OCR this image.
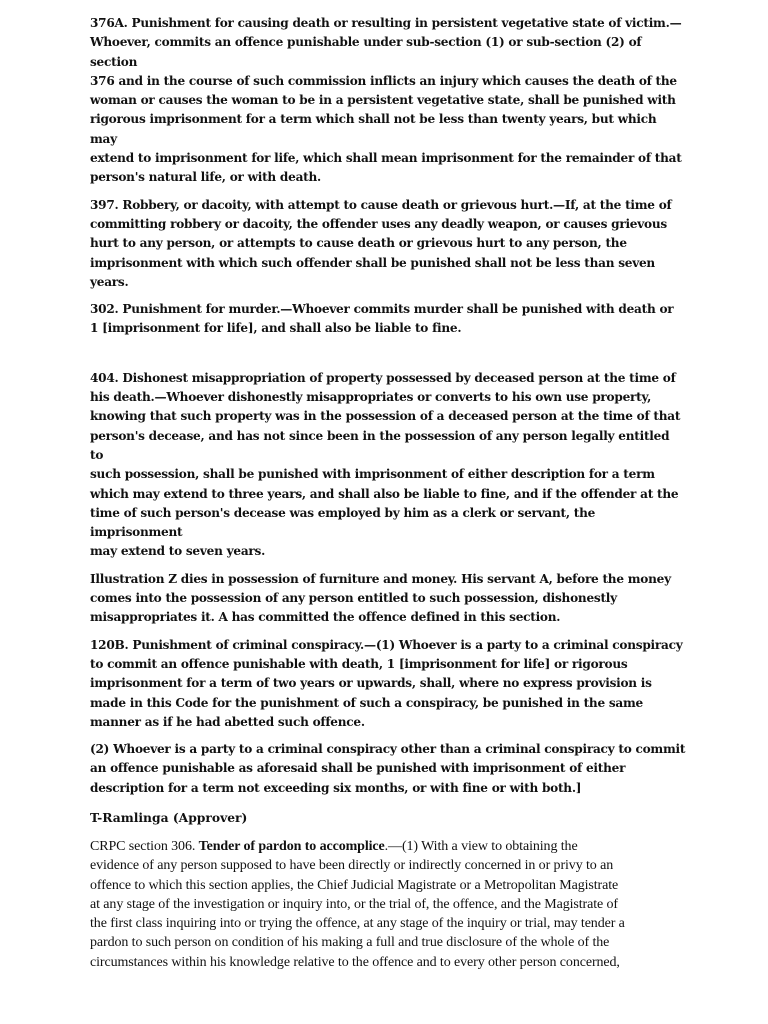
376A. Punishment for causing death or resulting in persistent vegetative state of victim.—
Whoever, commits an offence punishable under sub-section (1) or sub-section (2) of section
376 and in the course of such commission inflicts an injury which causes the death of the
woman or causes the woman to be in a persistent vegetative state, shall be punished with
rigorous imprisonment for a term which shall not be less than twenty years, but which may
extend to imprisonment for life, which shall mean imprisonment for the remainder of that
person's natural life, or with death.

397. Robbery, or dacoity, with attempt to cause death or grievous hurt.—If, at the time of
committing robbery or dacoity, the offender uses any deadly weapon, or causes grievous
hurt to any person, or attempts to cause death or grievous hurt to any person, the
imprisonment with which such offender shall be punished shall not be less than seven
years.

302. Punishment for murder.—Whoever commits murder shall be punished with death or
1 [imprisonment for life], and shall also be liable to fine.

404. Dishonest misappropriation of property possessed by deceased person at the time of
his death.—Whoever dishonestly misappropriates or converts to his own use property,
knowing that such property was in the possession of a deceased person at the time of that
person's decease, and has not since been in the possession of any person legally entitled to
such possession, shall be punished with imprisonment of either description for a term
which may extend to three years, and shall also be liable to fine, and if the offender at the
time of such person's decease was employed by him as a clerk or servant, the imprisonment
may extend to seven years.

Illustration Z dies in possession of furniture and money. His servant A, before the money
comes into the possession of any person entitled to such possession, dishonestly
misappropriates it. A has committed the offence defined in this section.

120B. Punishment of criminal conspiracy.—(1) Whoever is a party to a criminal conspiracy
to commit an offence punishable with death, 1 [imprisonment for life] or rigorous
imprisonment for a term of two years or upwards, shall, where no express provision is
made in this Code for the punishment of such a conspiracy, be punished in the same
manner as if he had abetted such offence.

(2) Whoever is a party to a criminal conspiracy other than a criminal conspiracy to commit
an offence punishable as aforesaid shall be punished with imprisonment of either
description for a term not exceeding six months, or with fine or with both.]

T-Ramlinga (Approver)

CRPC section 306. Tender of pardon to accomplice.—(1) With a view to obtaining the
evidence of any person supposed to have been directly or indirectly concerned in or privy to an
offence to which this section applies, the Chief Judicial Magistrate or a Metropolitan Magistrate
at any stage of the investigation or inquiry into, or the trial of, the offence, and the Magistrate of
the first class inquiring into or trying the offence, at any stage of the inquiry or trial, may tender a
pardon to such person on condition of his making a full and true disclosure of the whole of the
circumstances within his knowledge relative to the offence and to every other person concerned,
